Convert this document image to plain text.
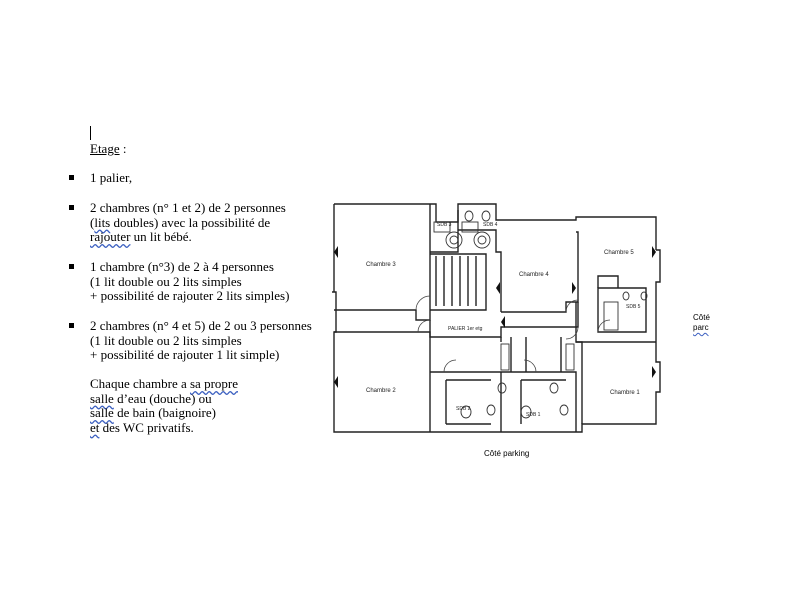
Etage :
1 palier,
2 chambres (n° 1 et 2) de 2 personnes
(lits doubles) avec la possibilité de
rajouter un lit bébé.
1 chambre (n°3) de 2 à 4 personnes
(1 lit double ou 2 lits simples
+ possibilité de rajouter 2 lits simples)
2 chambres (n° 4 et 5) de 2 ou 3 personnes
(1 lit double ou 2 lits simples
+ possibilité de rajouter 1 lit simple)
Chaque chambre a sa propre
salle d’eau (douche) ou
salle de bain (baignoire)
et des WC privatifs.
Chambre 3
Chambre 4
Chambre 5
Chambre 2	Chambre 1
SDB 3	SDB 4
SDB 5
SDB 2
SDB 1
PALIER 1er etg
Côté
parc
Côté parking
